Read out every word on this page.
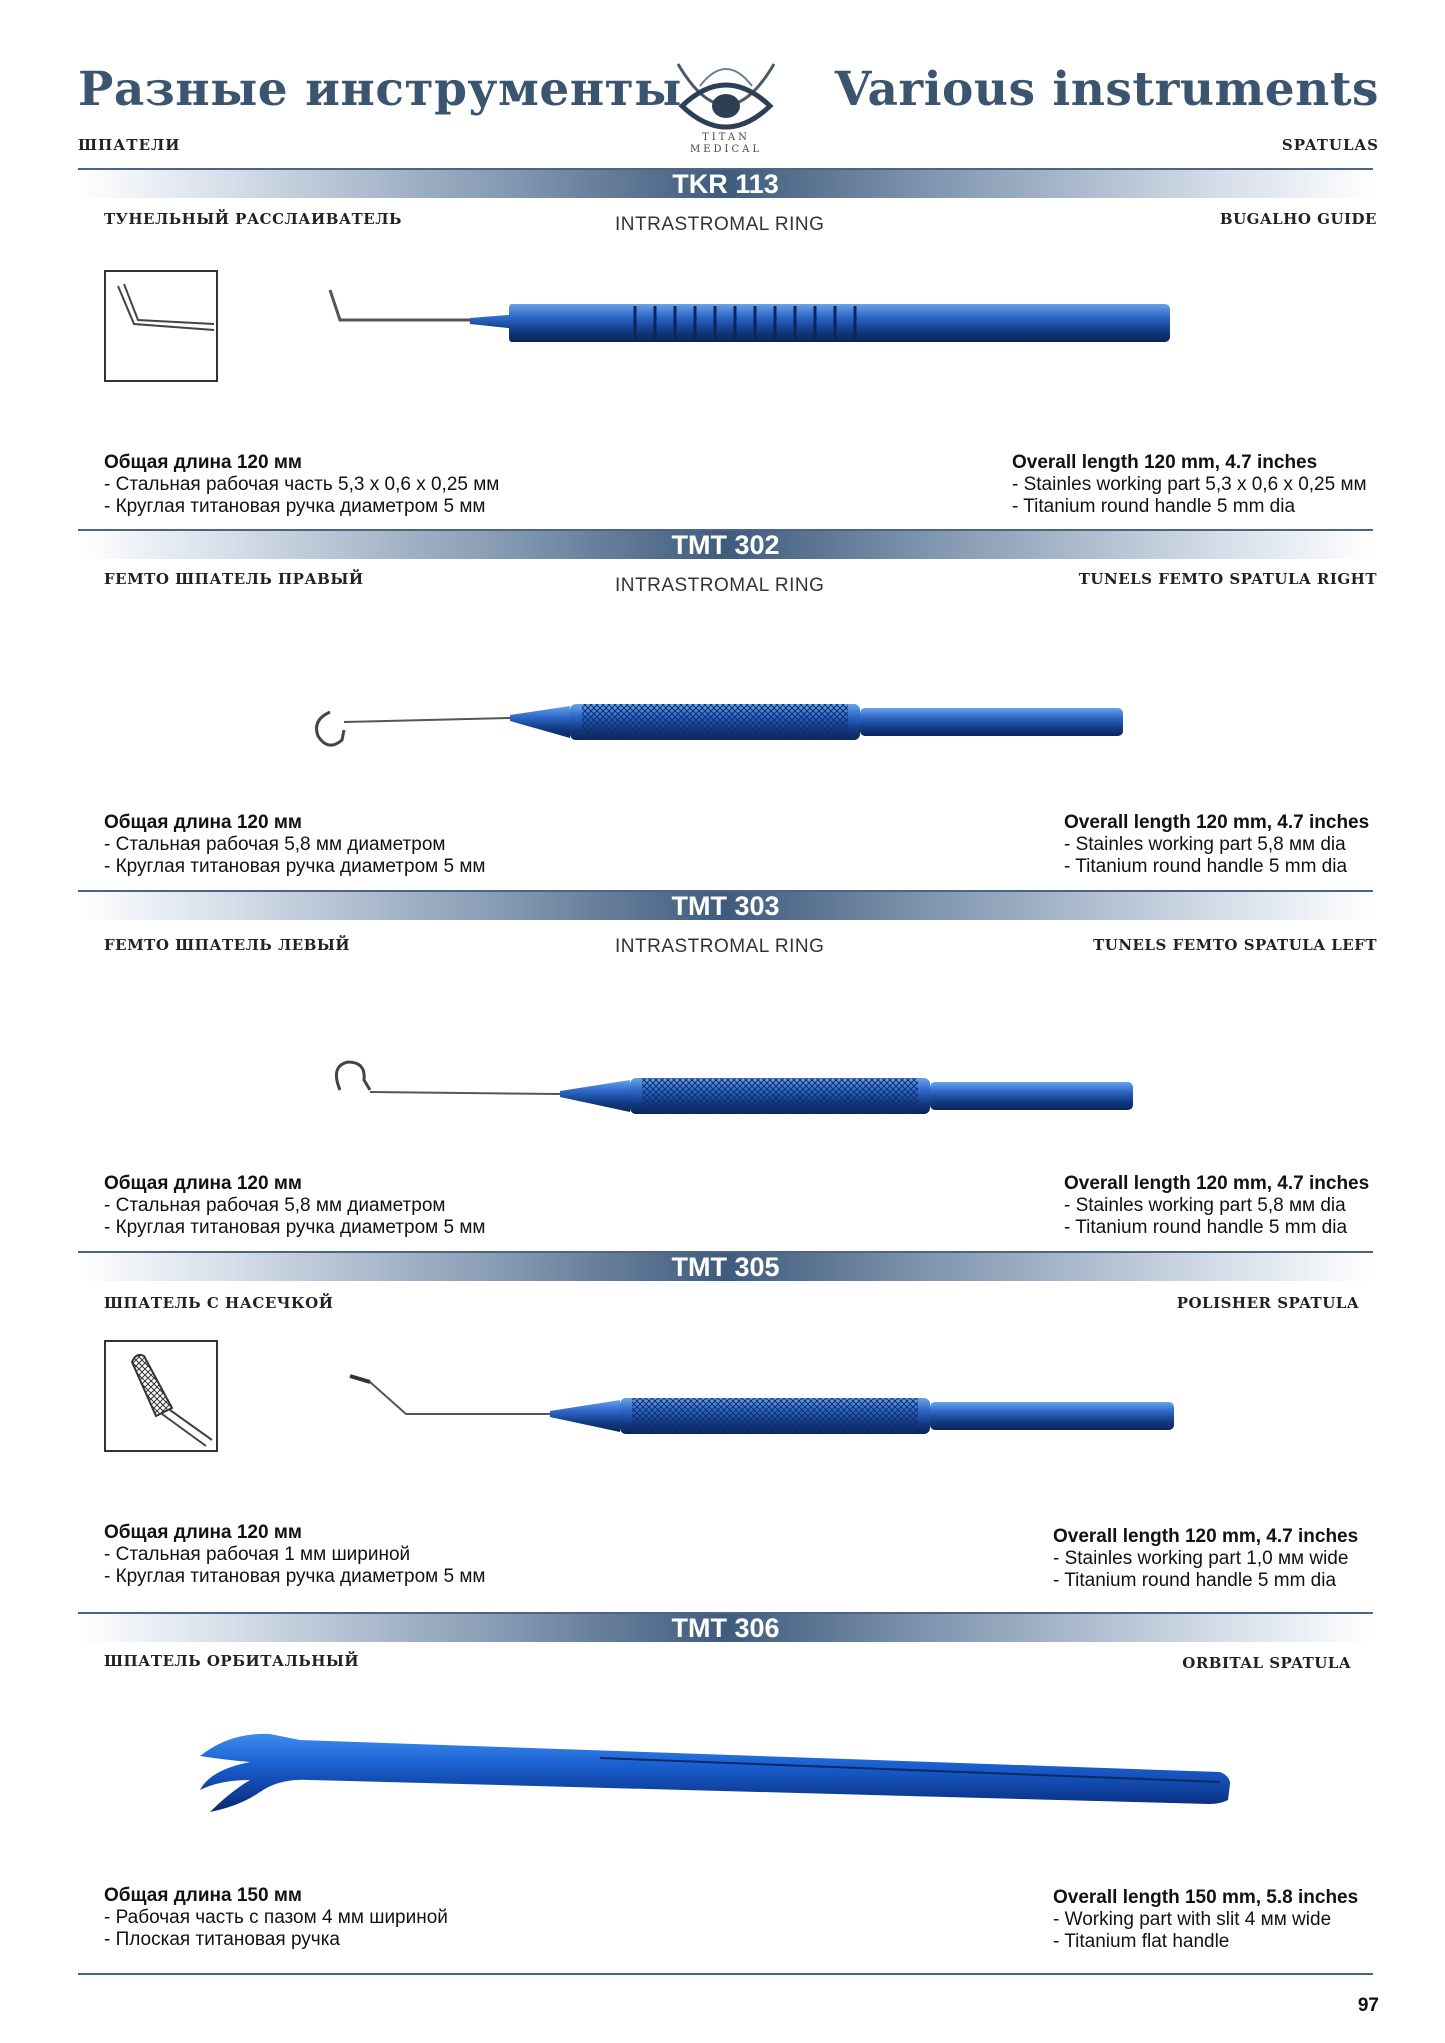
Разные инструменты	Various instruments
ШПАТЕЛИ	SPATULAS
TITAN
MEDICAL
TKR 113
ТУНЕЛЬНЫЙ РАССЛАИВАТЕЛЬ	INTRASTROMAL RING	BUGALHO GUIDE
Общая длина 120 мм
- Стальная рабочая часть 5,3 х 0,6 х 0,25 мм
- Круглая титановая ручка диаметром 5 мм
Overall length 120 mm, 4.7 inches
- Stainles working part 5,3 х 0,6 х 0,25 мм
- Titanium round handle 5 mm dia
TMT 302
FEMTO ШПАТЕЛЬ ПРАВЫЙ	INTRASTROMAL RING	TUNELS FEMTO SPATULA RIGHT
Общая длина 120 мм
- Стальная рабочая 5,8 мм диаметром
- Круглая титановая ручка диаметром 5 мм
Overall length 120 mm, 4.7 inches
- Stainles working part 5,8 мм dia
- Titanium round handle 5 mm dia
TMT 303
FEMTO ШПАТЕЛЬ ЛЕВЫЙ	INTRASTROMAL RING	TUNELS FEMTO SPATULA LEFT
Общая длина 120 мм
- Стальная рабочая 5,8 мм диаметром
- Круглая титановая ручка диаметром 5 мм
Overall length 120 mm, 4.7 inches
- Stainles working part 5,8 мм dia
- Titanium round handle 5 mm dia
TMT 305
ШПАТЕЛЬ С НАСЕЧКОЙ	POLISHER SPATULA
Общая длина 120 мм
- Стальная рабочая 1 мм шириной
- Круглая титановая ручка диаметром 5 мм
Overall length 120 mm, 4.7 inches
- Stainles working part 1,0 мм wide
- Titanium round handle 5 mm dia
TMT 306
ШПАТЕЛЬ ОРБИТАЛЬНЫЙ	ORBITAL SPATULA
Общая длина 150 мм
- Рабочая часть с пазом 4 мм шириной
- Плоская титановая ручка
Overall length 150 mm, 5.8 inches
- Working part with slit 4 мм wide
- Titanium flat handle
97
